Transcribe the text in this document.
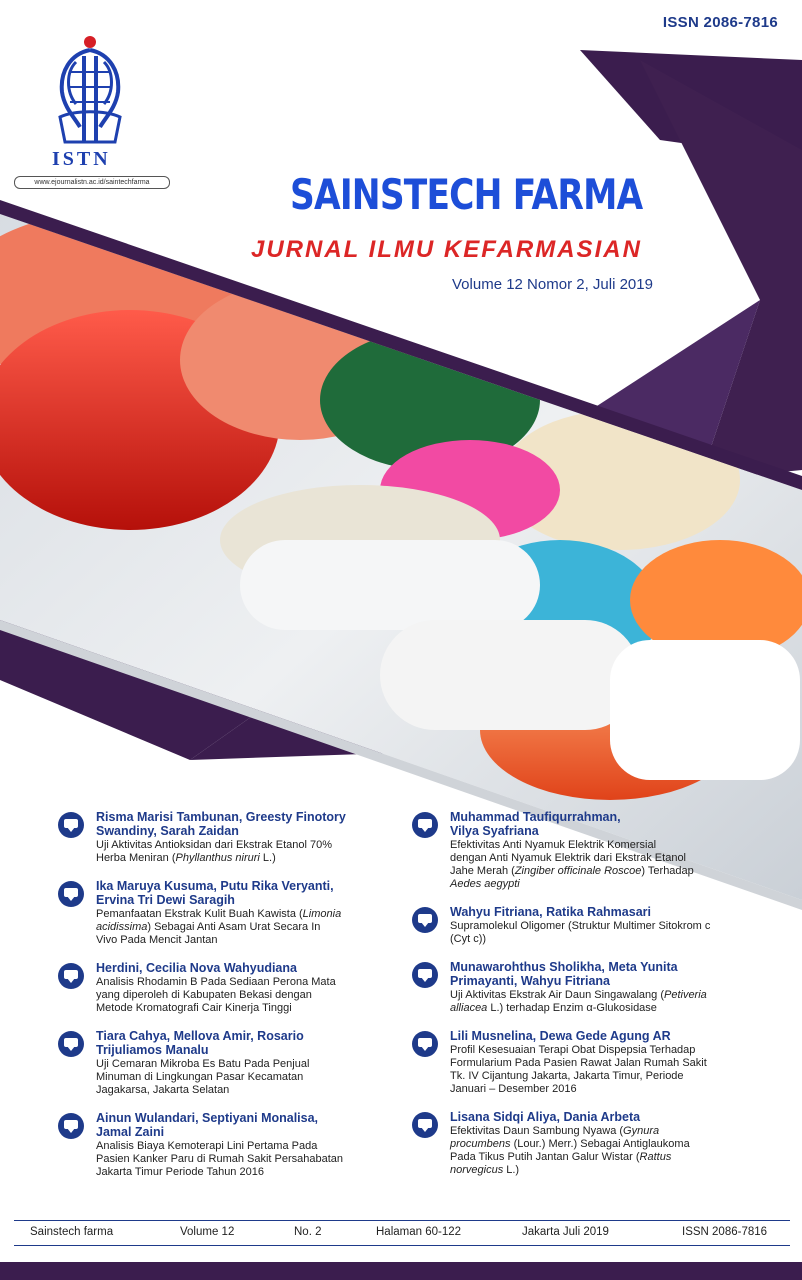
ISSN 2086-7816
ISTN
www.ejournalistn.ac.id/saintechfarma	SAINSTECH FARMA
JURNAL ILMU KEFARMASIAN
Volume 12 Nomor 2, Juli 2019
Risma Marisi Tambunan, Greesty Finotory
Swandiny, Sarah Zaidan
Uji Aktivitas Antioksidan dari Ekstrak Etanol 70%
Herba Meniran (Phyllanthus niruri L.)
Ika Maruya Kusuma, Putu Rika Veryanti,
Ervina Tri Dewi Saragih
Pemanfaatan Ekstrak Kulit Buah Kawista (Limonia
acidissima) Sebagai Anti Asam Urat Secara In
Vivo Pada Mencit Jantan
Herdini, Cecilia Nova Wahyudiana
Analisis Rhodamin B Pada Sediaan Perona Mata
yang diperoleh di Kabupaten Bekasi dengan
Metode Kromatografi Cair Kinerja Tinggi
Tiara Cahya, Mellova Amir, Rosario
Trijuliamos Manalu
Uji Cemaran Mikroba Es Batu Pada Penjual
Minuman di Lingkungan Pasar Kecamatan
Jagakarsa, Jakarta Selatan
Ainun Wulandari, Septiyani Monalisa,
Jamal Zaini
Analisis Biaya Kemoterapi Lini Pertama Pada
Pasien Kanker Paru di Rumah Sakit Persahabatan
Jakarta Timur Periode Tahun 2016
Muhammad Taufiqurrahman,
Vilya Syafriana
Efektivitas Anti Nyamuk Elektrik Komersial
dengan Anti Nyamuk Elektrik dari Ekstrak Etanol
Jahe Merah (Zingiber officinale Roscoe) Terhadap
Aedes aegypti
Wahyu Fitriana, Ratika Rahmasari
Supramolekul Oligomer (Struktur Multimer Sitokrom c
(Cyt c))
Munawarohthus Sholikha, Meta Yunita
Primayanti, Wahyu Fitriana
Uji Aktivitas Ekstrak Air Daun Singawalang (Petiveria
alliacea L.) terhadap Enzim α-Glukosidase
Lili Musnelina, Dewa Gede Agung AR
Profil Kesesuaian Terapi Obat Dispepsia Terhadap
Formularium Pada Pasien Rawat Jalan Rumah Sakit
Tk. IV Cijantung Jakarta, Jakarta Timur, Periode
Januari – Desember 2016
Lisana Sidqi Aliya, Dania Arbeta
Efektivitas Daun Sambung Nyawa (Gynura
procumbens (Lour.) Merr.) Sebagai Antiglaukoma
Pada Tikus Putih Jantan Galur Wistar (Rattus
norvegicus L.)
Sainstech farma	Volume 12	No. 2	Halaman 60-122	Jakarta Juli 2019	ISSN 2086-7816
